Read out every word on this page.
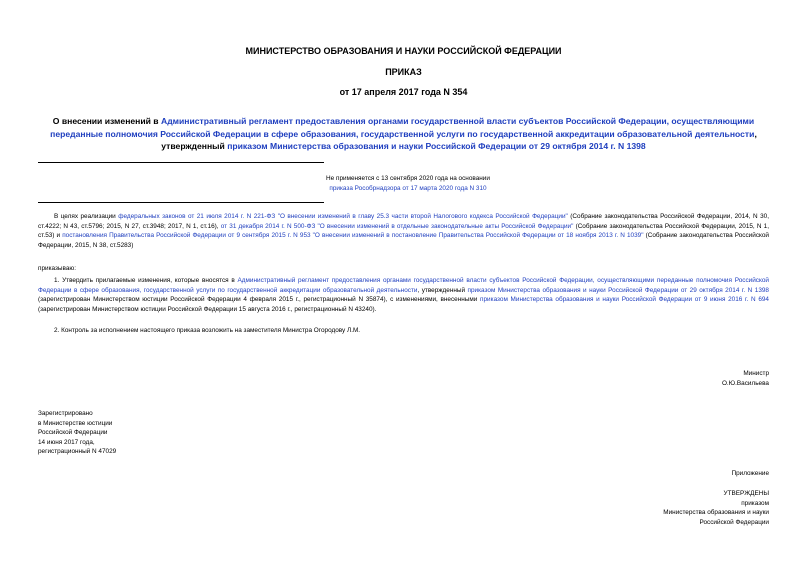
МИНИСТЕРСТВО ОБРАЗОВАНИЯ И НАУКИ РОССИЙСКОЙ ФЕДЕРАЦИИ
ПРИКАЗ
от 17 апреля 2017 года N 354
О внесении изменений в Административный регламент предоставления органами государственной власти субъектов Российской Федерации, осуществляющими переданные полномочия Российской Федерации в сфере образования, государственной услуги по государственной аккредитации образовательной деятельности, утвержденный приказом Министерства образования и науки Российской Федерации от 29 октября 2014 г. N 1398
Не применяется с 13 сентября 2020 года на основании
приказа Рособрнадзора от 17 марта 2020 года N 310
В целях реализации федеральных законов от 21 июля 2014 г. N 221-ФЗ "О внесении изменений в главу 25.3 части второй Налогового кодекса Российской Федерации" (Собрание законодательства Российской Федерации, 2014, N 30, ст.4222; N 43, ст.5796; 2015, N 27, ст.3948; 2017, N 1, ст.16), от 31 декабря 2014 г. N 500-ФЗ "О внесении изменений в отдельные законодательные акты Российской Федерации" (Собрание законодательства Российской Федерации, 2015, N 1, ст.53) и постановления Правительства Российской Федерации от 9 сентября 2015 г. N 953 "О внесении изменений в постановление Правительства Российской Федерации от 18 ноября 2013 г. N 1039" (Собрание законодательства Российской Федерации, 2015, N 38, ст.5283)
приказываю:
1. Утвердить прилагаемые изменения, которые вносятся в Административный регламент предоставления органами государственной власти субъектов Российской Федерации, осуществляющими переданные полномочия Российской Федерации в сфере образования, государственной услуги по государственной аккредитации образовательной деятельности, утвержденный приказом Министерства образования и науки Российской Федерации от 29 октября 2014 г. N 1398 (зарегистрирован Министерством юстиции Российской Федерации 4 февраля 2015 г., регистрационный N 35874), с изменениями, внесенными приказом Министерства образования и науки Российской Федерации от 9 июня 2016 г. N 694 (зарегистрирован Министерством юстиции Российской Федерации 15 августа 2016 г., регистрационный N 43240).
2. Контроль за исполнением настоящего приказа возложить на заместителя Министра Огородову Л.М.
Министр
О.Ю.Васильева
Зарегистрировано
в Министерстве юстиции
Российской Федерации
14 июня 2017 года,
регистрационный N 47029
Приложение
УТВЕРЖДЕНЫ
приказом
Министерства образования и науки
Российской Федерации
